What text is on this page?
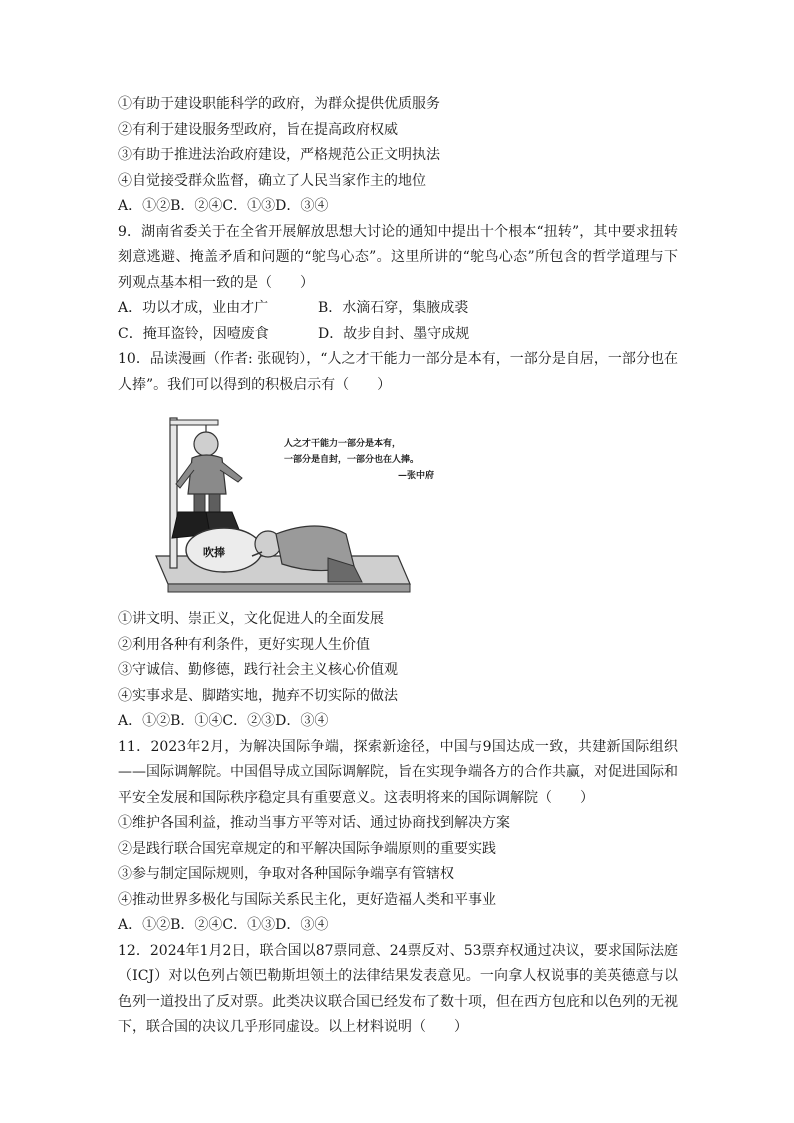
①有助于建设职能科学的政府，为群众提供优质服务
②有利于建设服务型政府，旨在提高政府权威
③有助于推进法治政府建设，严格规范公正文明执法
④自觉接受群众监督，确立了人民当家作主的地位
A．①②B．②④C．①③D．③④
9．湖南省委关于在全省开展解放思想大讨论的通知中提出十个根本“扭转”，其中要求扭转刻意逃避、掩盖矛盾和问题的“鸵鸟心态”。这里所讲的“鸵鸟心态”所包含的哲学道理与下列观点基本相一致的是（　　）
A．功以才成，业由才广	B．水滴石穿，集腋成裘
C．掩耳盗铃，因噎废食	D．故步自封、墨守成规
10．品读漫画（作者: 张砚钧），“人之才干能力一部分是本有，一部分是自居，一部分也在人捧”。我们可以得到的积极启示有（　　）
人之才干能力一部分是本有，
一部分是自封，一部分也在人捧。
—张中府
吹捧
①讲文明、崇正义，文化促进人的全面发展
②利用各种有利条件，更好实现人生价值
③守诚信、勤修德，践行社会主义核心价值观
④实事求是、脚踏实地，抛弃不切实际的做法
A．①②B．①④C．②③D．③④
11．2023年2月，为解决国际争端，探索新途径，中国与9国达成一致，共建新国际组织——国际调解院。中国倡导成立国际调解院，旨在实现争端各方的合作共赢，对促进国际和平安全发展和国际秩序稳定具有重要意义。这表明将来的国际调解院（　　）
①维护各国利益，推动当事方平等对话、通过协商找到解决方案
②是践行联合国宪章规定的和平解决国际争端原则的重要实践
③参与制定国际规则，争取对各种国际争端享有管辖权
④推动世界多极化与国际关系民主化，更好造福人类和平事业
A．①②B．②④C．①③D．③④
12．2024年1月2日，联合国以87票同意、24票反对、53票弃权通过决议，要求国际法庭（ICJ）对以色列占领巴勒斯坦领土的法律结果发表意见。一向拿人权说事的美英德意与以色列一道投出了反对票。此类决议联合国已经发布了数十项，但在西方包庇和以色列的无视下，联合国的决议几乎形同虚设。以上材料说明（　　）
